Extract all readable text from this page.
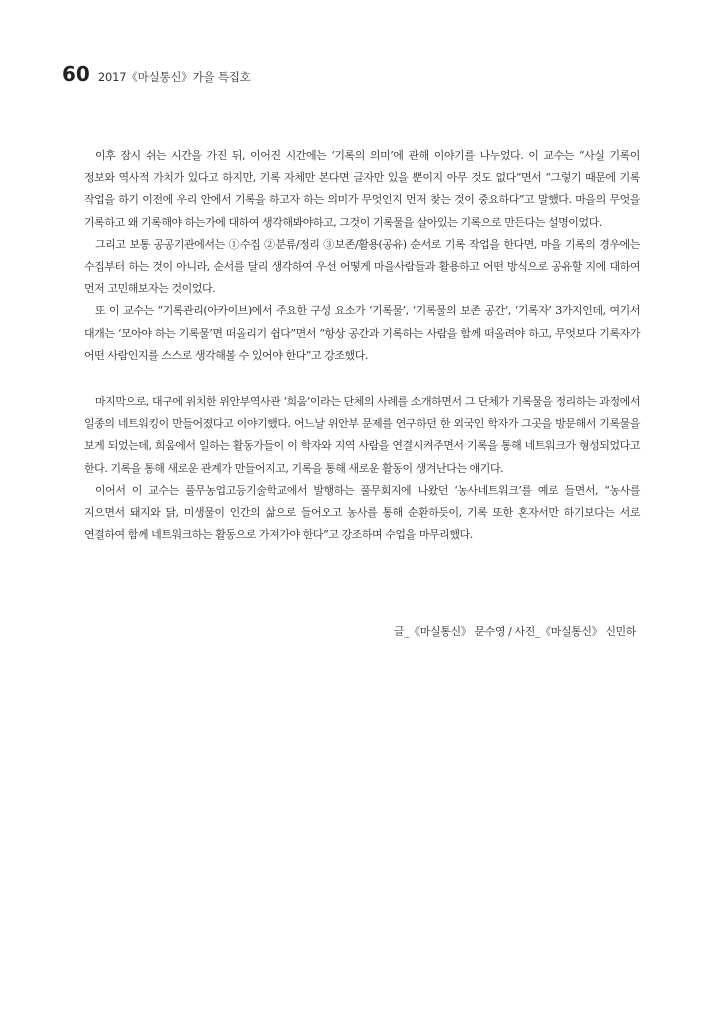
60 2017《마실통신》가을 특집호

이후 잠시 쉬는 시간을 가진 뒤, 이어진 시간에는 ‘기록의 의미’에 관해 이야기를 나누었다. 이 교수는 “사실 기록이 정보와 역사적 가치가 있다고 하지만, 기록 자체만 본다면 글자만 있을 뿐이지 아무 것도 없다”면서 “그렇기 때문에 기록 작업을 하기 이전에 우리 안에서 기록을 하고자 하는 의미가 무엇인지 먼저 찾는 것이 중요하다”고 말했다. 마을의 무엇을 기록하고 왜 기록해야 하는가에 대하여 생각해봐야하고, 그것이 기록물을 살아있는 기록으로 만든다는 설명이었다.

그리고 보통 공공기관에서는 ①수집 ②분류/정리 ③보존/활용(공유) 순서로 기록 작업을 한다면, 마을 기록의 경우에는 수집부터 하는 것이 아니라, 순서를 달리 생각하여 우선 어떻게 마을사람들과 활용하고 어떤 방식으로 공유할 지에 대하여 먼저 고민해보자는 것이었다.

또 이 교수는 “기록관리(아카이브)에서 주요한 구성 요소가 ‘기록물’, ‘기록물의 보존 공간’, ‘기록자’ 3가지인데, 여기서 대개는 ‘모아야 하는 기록물’면 떠올리기 쉽다”면서 “항상 공간과 기록하는 사람을 함께 떠올려야 하고, 무엇보다 기록자가 어떤 사람인지를 스스로 생각해볼 수 있어야 한다”고 강조했다.

마지막으로, 대구에 위치한 위안부역사관 ‘희움’이라는 단체의 사례를 소개하면서 그 단체가 기록물을 정리하는 과정에서 일종의 네트워킹이 만들어졌다고 이야기했다. 어느날 위안부 문제를 연구하던 한 외국인 학자가 그곳을 방문해서 기록물을 보게 되었는데, 희움에서 일하는 활동가들이 이 학자와 지역 사람을 연결시켜주면서 기록을 통해 네트워크가 형성되었다고 한다. 기록을 통해 새로운 관계가 만들어지고, 기록을 통해 새로운 활동이 생겨난다는 얘기다.

이어서 이 교수는 풀무농업고등기술학교에서 발행하는 풀무회지에 나왔던 ‘농사네트워크’를 예로 들면서, “농사를 지으면서 돼지와 닭, 미생물이 인간의 삶으로 들어오고 농사를 통해 순환하듯이, 기록 또한 혼자서만 하기보다는 서로 연결하여 함께 네트워크하는 활동으로 가져가야 한다”고 강조하며 수업을 마무리했다.

글_《마실통신》 문수영 / 사진_《마실통신》 신민하
